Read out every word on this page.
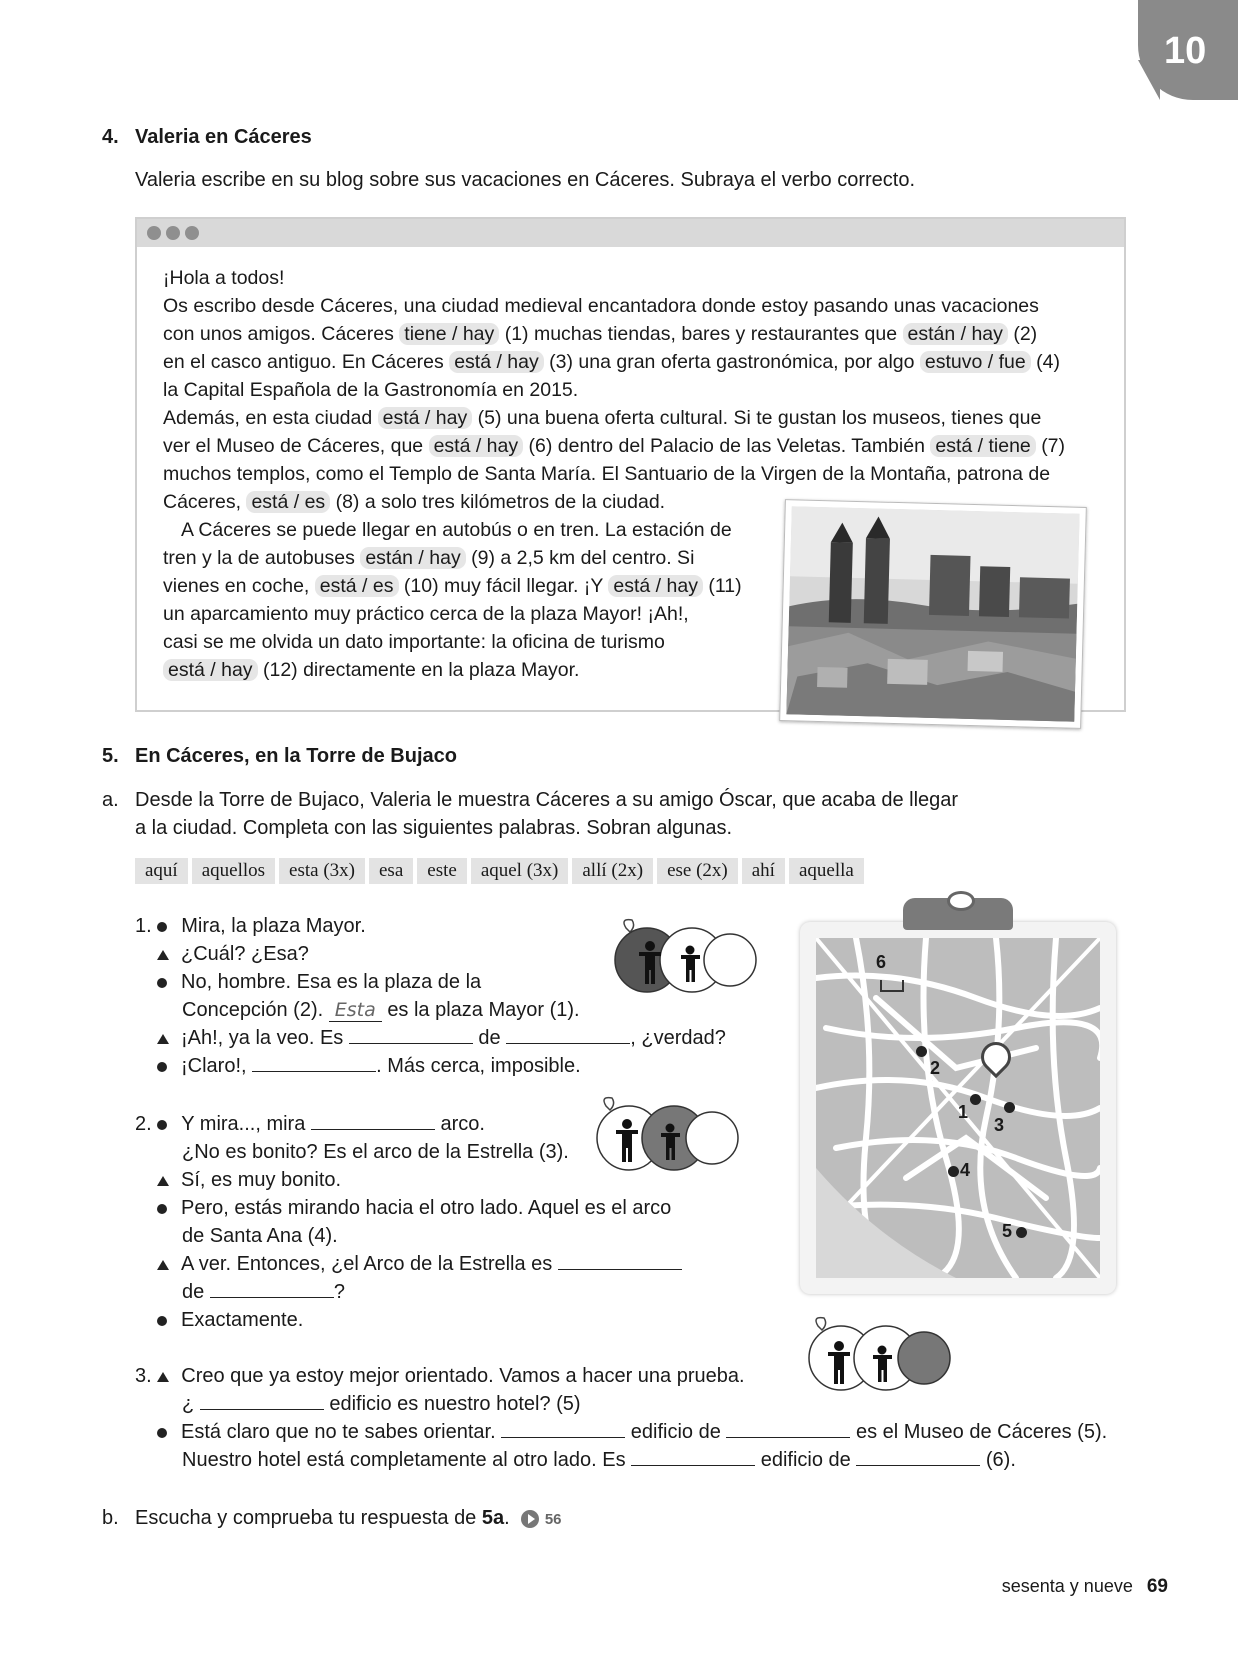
10
4. Valeria en Cáceres
Valeria escribe en su blog sobre sus vacaciones en Cáceres. Subraya el verbo correcto.
¡Hola a todos!
Os escribo desde Cáceres, una ciudad medieval encantadora donde estoy pasando unas vacaciones
con unos amigos. Cáceres tiene / hay (1) muchas tiendas, bares y restaurantes que están / hay (2)
en el casco antiguo. En Cáceres está / hay (3) una gran oferta gastronómica, por algo estuvo / fue (4)
la Capital Española de la Gastronomía en 2015.
Además, en esta ciudad está / hay (5) una buena oferta cultural. Si te gustan los museos, tienes que
ver el Museo de Cáceres, que está / hay (6) dentro del Palacio de las Veletas. También está / tiene (7)
muchos templos, como el Templo de Santa María. El Santuario de la Virgen de la Montaña, patrona de
Cáceres, está / es (8) a solo tres kilómetros de la ciudad.
A Cáceres se puede llegar en autobús o en tren. La estación de
tren y la de autobuses están / hay (9) a 2,5 km del centro. Si
vienes en coche, está / es (10) muy fácil llegar. ¡Y está / hay (11)
un aparcamiento muy práctico cerca de la plaza Mayor! ¡Ah!,
casi se me olvida un dato importante: la oficina de turismo
está / hay (12) directamente en la plaza Mayor.
5. En Cáceres, en la Torre de Bujaco
a. Desde la Torre de Bujaco, Valeria le muestra Cáceres a su amigo Óscar, que acaba de llegar
a la ciudad. Completa con las siguientes palabras. Sobran algunas.
aquí aquellos esta (3x) esa este aquel (3x) allí (2x) ese (2x) ahí aquella
1. Mira, la plaza Mayor.
¿Cuál? ¿Esa?
No, hombre. Esa es la plaza de la
Concepción (2). Esta es la plaza Mayor (1).
¡Ah!, ya la veo. Es	de	, ¿verdad?
¡Claro!,	. Más cerca, imposible.
2. Y mira..., mira	arco.
¿No es bonito? Es el arco de la Estrella (3).
Sí, es muy bonito.
Pero, estás mirando hacia el otro lado. Aquel es el arco
de Santa Ana (4).
A ver. Entonces, ¿el Arco de la Estrella es
de	?
Exactamente.
3. Creo que ya estoy mejor orientado. Vamos a hacer una prueba.
¿	edificio es nuestro hotel? (5)
Está claro que no te sabes orientar.	edificio de	es el Museo de Cáceres (5).
Nuestro hotel está completamente al otro lado. Es	edificio de	(6).
6
2
1
3
4
5
b. Escucha y comprueba tu respuesta de 5a. 56
sesenta y nueve 69
